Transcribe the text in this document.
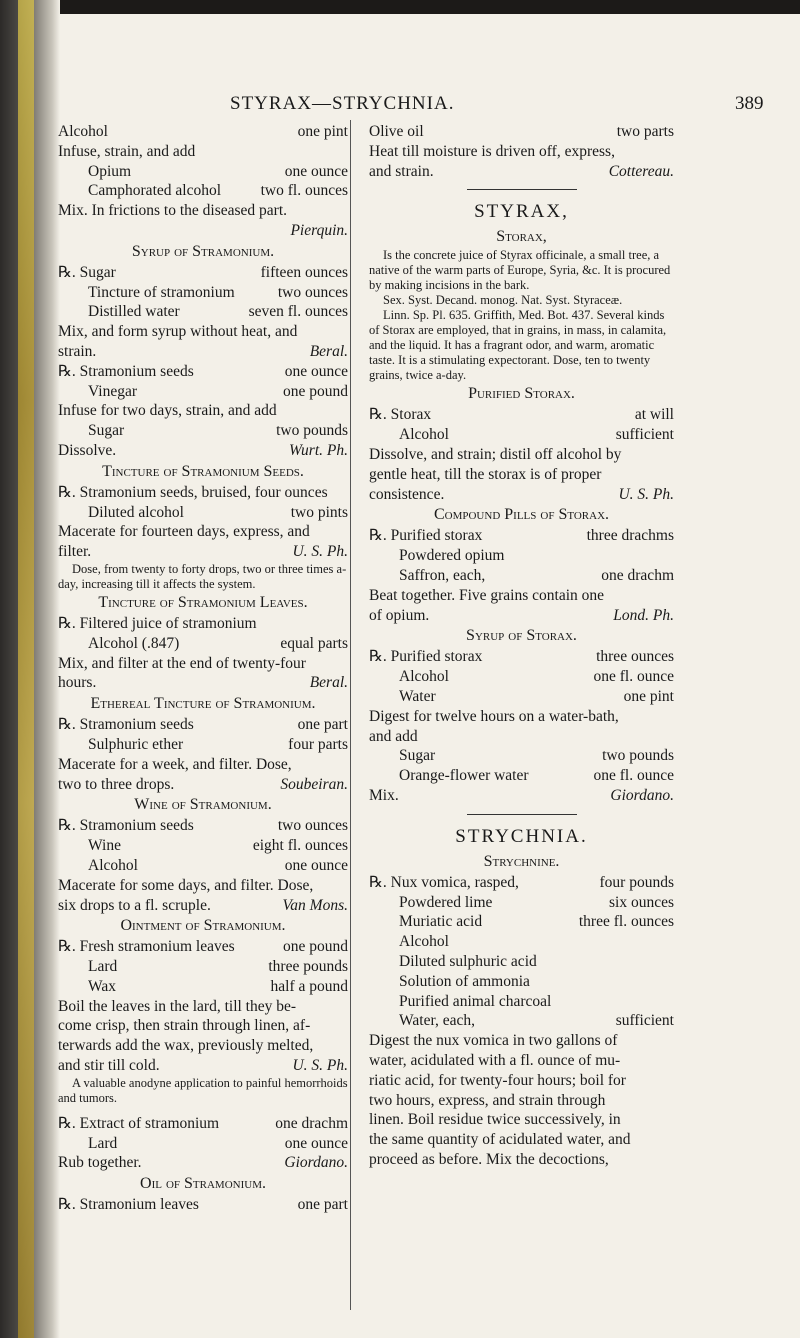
STYRAX—STRYCHNIA.	389
Alcohol	one pint
Infuse, strain, and add
Opium	one ounce
Camphorated alcohol	two fl. ounces
Mix. In frictions to the diseased part.
Pierquin.
Syrup of Stramonium.
℞. Sugar	fifteen ounces
Tincture of stramonium	two ounces
Distilled water	seven fl. ounces
Mix, and form syrup without heat, and
strain.	Beral.
℞. Stramonium seeds	one ounce
Vinegar	one pound
Infuse for two days, strain, and add
Sugar	two pounds
Dissolve.	Wurt. Ph.
Tincture of Stramonium Seeds.
℞. Stramonium seeds, bruised, four ounces
Diluted alcohol	two pints
Macerate for fourteen days, express, and
filter.	U. S. Ph.
Dose, from twenty to forty drops, two or three times a-day, increasing till it affects the system.
Tincture of Stramonium Leaves.
℞. Filtered juice of stramonium
Alcohol (.847)	equal parts
Mix, and filter at the end of twenty-four
hours.	Beral.
Ethereal Tincture of Stramonium.
℞. Stramonium seeds	one part
Sulphuric ether	four parts
Macerate for a week, and filter. Dose,
two to three drops.	Soubeiran.
Wine of Stramonium.
℞. Stramonium seeds	two ounces
Wine	eight fl. ounces
Alcohol	one ounce
Macerate for some days, and filter. Dose,
six drops to a fl. scruple.	Van Mons.
Ointment of Stramonium.
℞. Fresh stramonium leaves	one pound
Lard	three pounds
Wax	half a pound
Boil the leaves in the lard, till they be-
come crisp, then strain through linen, af-
terwards add the wax, previously melted,
and stir till cold.	U. S. Ph.
A valuable anodyne application to painful hemorrhoids and tumors.
℞. Extract of stramonium	one drachm
Lard	one ounce
Rub together.	Giordano.
Oil of Stramonium.
℞. Stramonium leaves	one part
Olive oil	two parts
Heat till moisture is driven off, express,
and strain.	Cottereau.
STYRAX,
Storax,
Is the concrete juice of Styrax officinale, a small tree, a native of the warm parts of Europe, Syria, &c. It is procured by making incisions in the bark.
Sex. Syst. Decand. monog. Nat. Syst. Styraceæ.
Linn. Sp. Pl. 635. Griffith, Med. Bot. 437. Several kinds of Storax are employed, that in grains, in mass, in calamita, and the liquid. It has a fragrant odor, and warm, aromatic taste. It is a stimulating expectorant. Dose, ten to twenty grains, twice a-day.
Purified Storax.
℞. Storax	at will
Alcohol	sufficient
Dissolve, and strain; distil off alcohol by
gentle heat, till the storax is of proper
consistence.	U. S. Ph.
Compound Pills of Storax.
℞. Purified storax	three drachms
Powdered opium
Saffron, each,	one drachm
Beat together. Five grains contain one
of opium.	Lond. Ph.
Syrup of Storax.
℞. Purified storax	three ounces
Alcohol	one fl. ounce
Water	one pint
Digest for twelve hours on a water-bath,
and add
Sugar	two pounds
Orange-flower water	one fl. ounce
Mix.	Giordano.
STRYCHNIA.
Strychnine.
℞. Nux vomica, rasped,	four pounds
Powdered lime	six ounces
Muriatic acid	three fl. ounces
Alcohol
Diluted sulphuric acid
Solution of ammonia
Purified animal charcoal
Water, each,	sufficient
Digest the nux vomica in two gallons of
water, acidulated with a fl. ounce of mu-
riatic acid, for twenty-four hours; boil for
two hours, express, and strain through
linen. Boil residue twice successively, in
the same quantity of acidulated water, and
proceed as before. Mix the decoctions,
